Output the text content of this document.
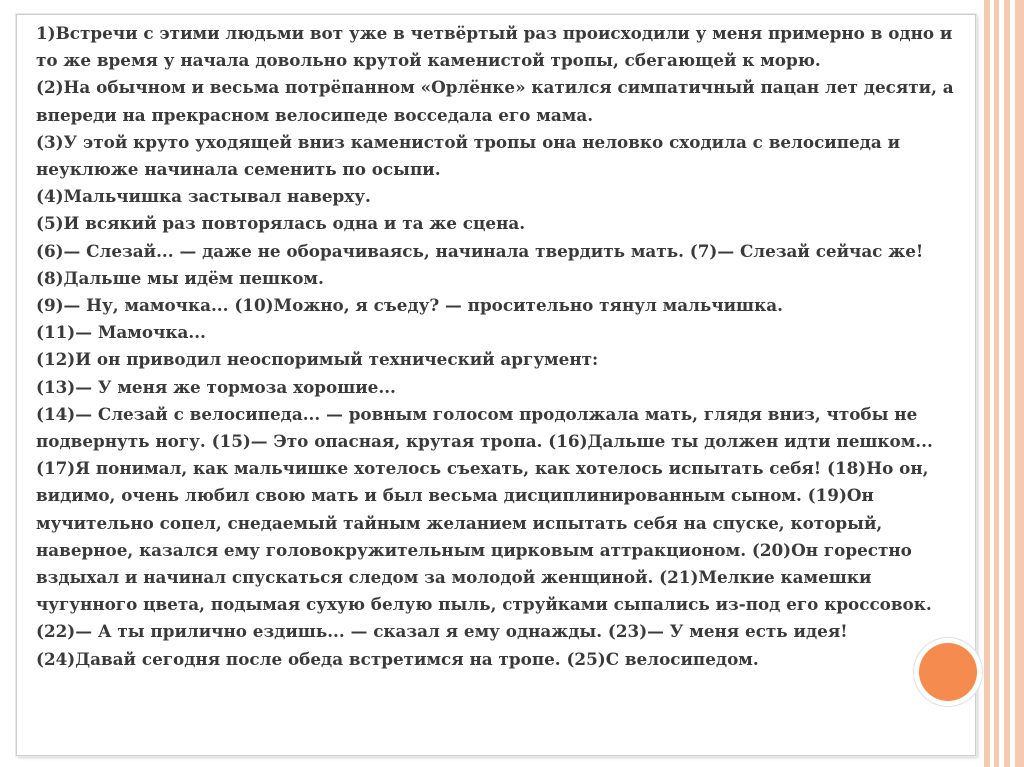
1)Встречи с этими людьми вот уже в четвёртый раз происходили у меня примерно в одно и то же время у начала довольно крутой каменистой тропы, сбегающей к морю.

(2)На обычном и весьма потрёпанном «Орлёнке» катился симпатичный пацан лет десяти, а впереди на прекрасном велосипеде восседала его мама.

(3)У этой круто уходящей вниз каменистой тропы она неловко сходила с велосипеда и неуклюже начинала семенить по осыпи.

(4)Мальчишка застывал наверху.

(5)И всякий раз повторялась одна и та же сцена.

(6)— Слезай... — даже не оборачиваясь, начинала твердить мать. (7)— Слезай сейчас же! (8)Дальше мы идём пешком.

(9)— Ну, мамочка... (10)Можно, я съеду? — просительно тянул мальчишка.

(11)— Мамочка...

(12)И он приводил неоспоримый технический аргумент:

(13)— У меня же тормоза хорошие...

(14)— Слезай с велосипеда... — ровным голосом продолжала мать, глядя вниз, чтобы не подвернуть ногу. (15)— Это опасная, крутая тропа. (16)Дальше ты должен идти пешком...

(17)Я понимал, как мальчишке хотелось съехать, как хотелось испытать себя! (18)Но он, видимо, очень любил свою мать и был весьма дисциплинированным сыном. (19)Он мучительно сопел, снедаемый тайным желанием испытать себя на спуске, который, наверное, казался ему головокружительным цирковым аттракционом. (20)Он горестно вздыхал и начинал спускаться следом за молодой женщиной. (21)Мелкие камешки чугунного цвета, подымая сухую белую пыль, струйками сыпались из-под его кроссовок.

(22)— А ты прилично ездишь... — сказал я ему однажды. (23)— У меня есть идея!

(24)Давай сегодня после обеда встретимся на тропе. (25)С велосипедом.
